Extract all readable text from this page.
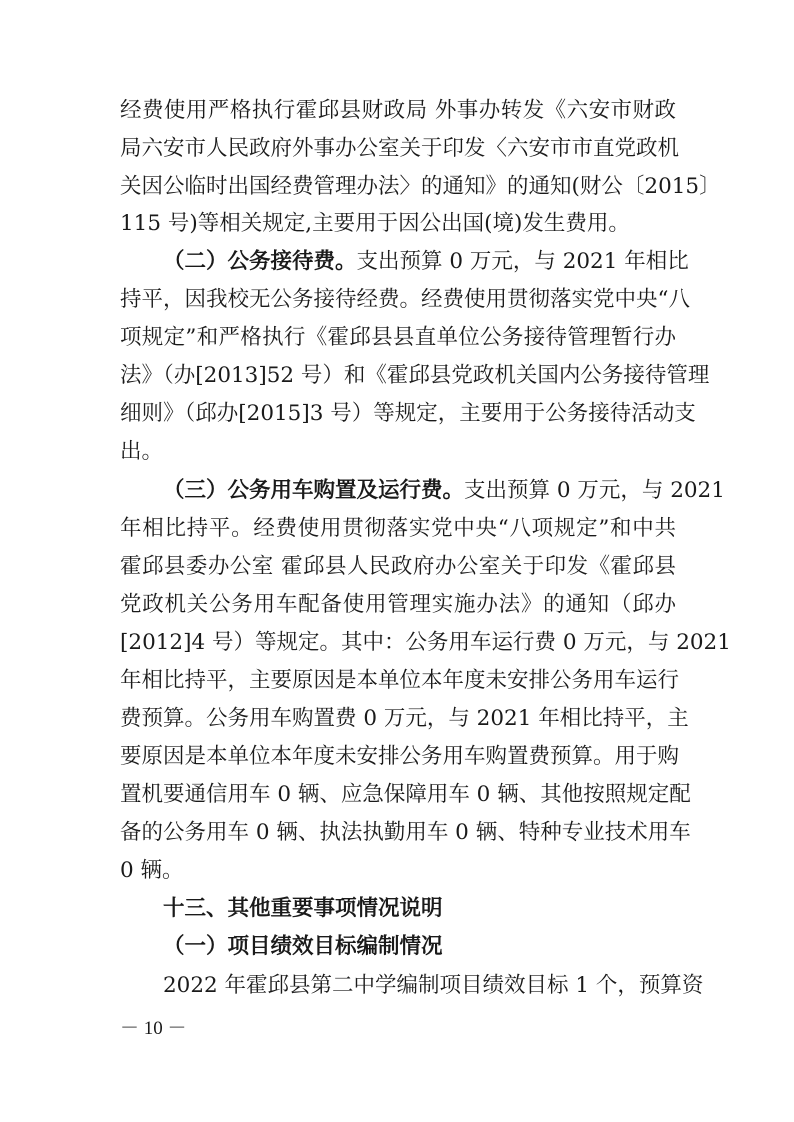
经费使用严格执行霍邱县财政局 外事办转发《六安市财政
局六安市人民政府外事办公室关于印发〈六安市市直党政机
关因公临时出国经费管理办法〉的通知》的通知(财公〔2015〕
115 号)等相关规定,主要用于因公出国(境)发生费用。
（二）公务接待费。支出预算 0 万元，与 2021 年相比
持平，因我校无公务接待经费。经费使用贯彻落实党中央“八
项规定”和严格执行《霍邱县县直单位公务接待管理暂行办
法》（办[2013]52 号）和《霍邱县党政机关国内公务接待管理
细则》（邱办[2015]3 号）等规定，主要用于公务接待活动支
出。
（三）公务用车购置及运行费。支出预算 0 万元，与 2021
年相比持平。经费使用贯彻落实党中央“八项规定”和中共
霍邱县委办公室 霍邱县人民政府办公室关于印发《霍邱县
党政机关公务用车配备使用管理实施办法》的通知（邱办
[2012]4 号）等规定。其中：公务用车运行费 0 万元，与 2021
年相比持平，主要原因是本单位本年度未安排公务用车运行
费预算。公务用车购置费 0 万元，与 2021 年相比持平，主
要原因是本单位本年度未安排公务用车购置费预算。用于购
置机要通信用车 0 辆、应急保障用车 0 辆、其他按照规定配
备的公务用车 0 辆、执法执勤用车 0 辆、特种专业技术用车
0 辆。
十三、其他重要事项情况说明
（一）项目绩效目标编制情况
2022 年霍邱县第二中学编制项目绩效目标 1 个，预算资
－ 10 －
